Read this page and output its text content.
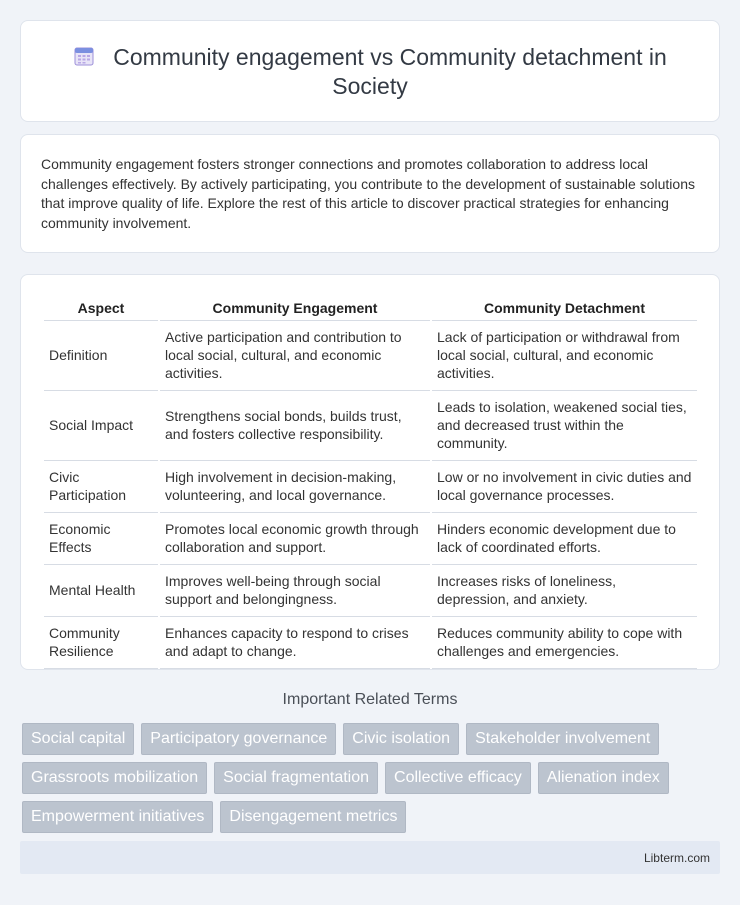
Community engagement vs Community detachment in Society

Community engagement fosters stronger connections and promotes collaboration to address local challenges effectively. By actively participating, you contribute to the development of sustainable solutions that improve quality of life. Explore the rest of this article to discover practical strategies for enhancing community involvement.

Aspect	Community Engagement	Community Detachment
Definition	Active participation and contribution to local social, cultural, and economic activities.	Lack of participation or withdrawal from local social, cultural, and economic activities.
Social Impact	Strengthens social bonds, builds trust, and fosters collective responsibility.	Leads to isolation, weakened social ties, and decreased trust within the community.
Civic Participation	High involvement in decision-making, volunteering, and local governance.	Low or no involvement in civic duties and local governance processes.
Economic Effects	Promotes local economic growth through collaboration and support.	Hinders economic development due to lack of coordinated efforts.
Mental Health	Improves well-being through social support and belongingness.	Increases risks of loneliness, depression, and anxiety.
Community Resilience	Enhances capacity to respond to crises and adapt to change.	Reduces community ability to cope with challenges and emergencies.
Important Related Terms
Social capital	Participatory governance	Civic isolation	Stakeholder involvement
Grassroots mobilization	Social fragmentation	Collective efficacy	Alienation index
Empowerment initiatives	Disengagement metrics
Libterm.com
